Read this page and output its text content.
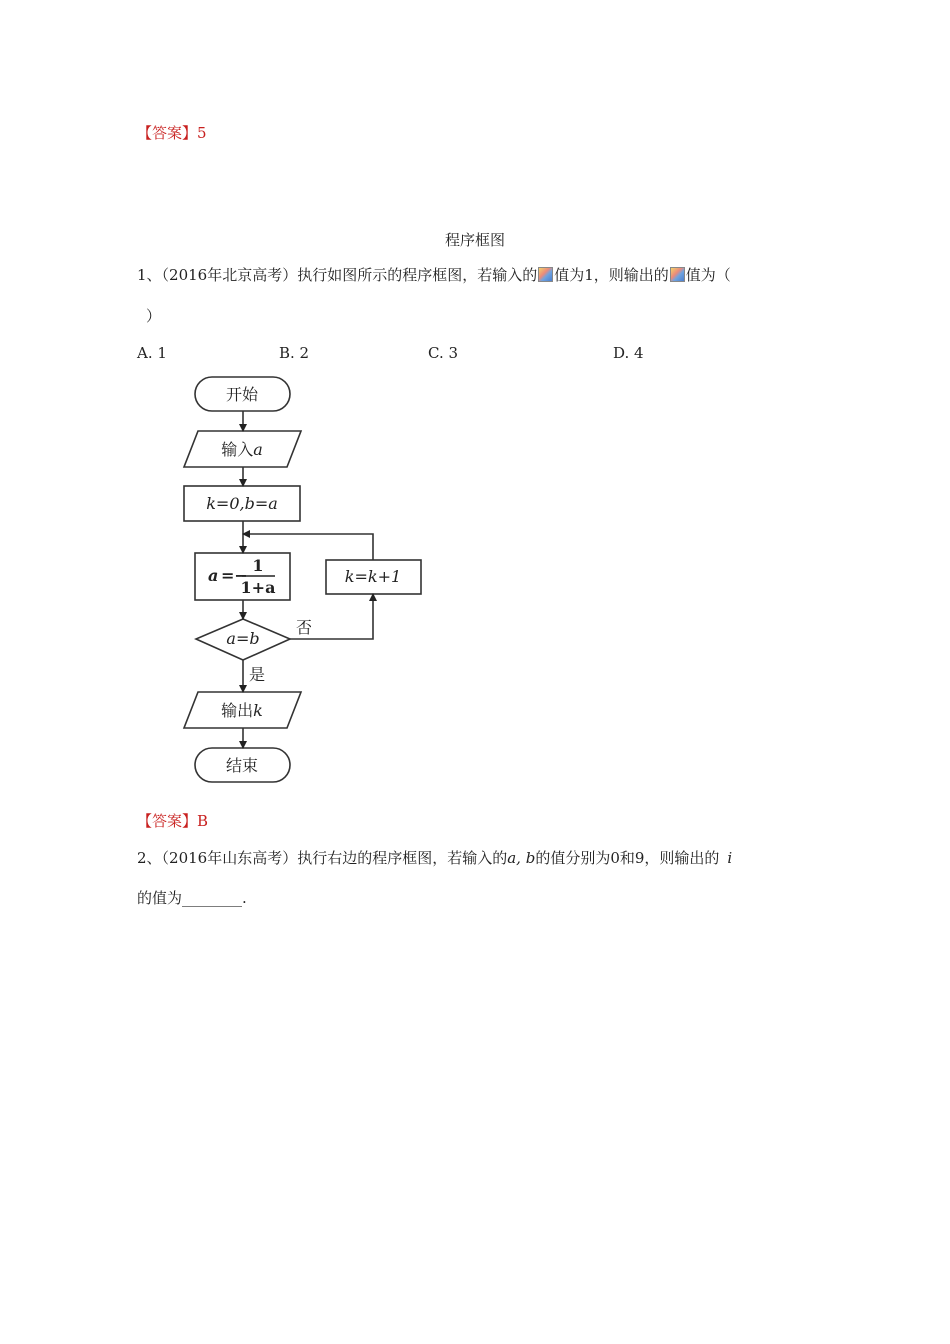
【答案】5
程序框图
1、（2016年北京高考）执行如图所示的程序框图，若输入的 值为1，则输出的 值为（
）
A. 1	B. 2	C. 3	D. 4
开始
输入a
k=0,b=a
a =−
1
1+a
k=k+1
a=b
否
是
输出k
结束
【答案】B
2、（2016年山东高考）执行右边的程序框图，若输入的a, b的值分别为0和9，则输出的 i
的值为________.
